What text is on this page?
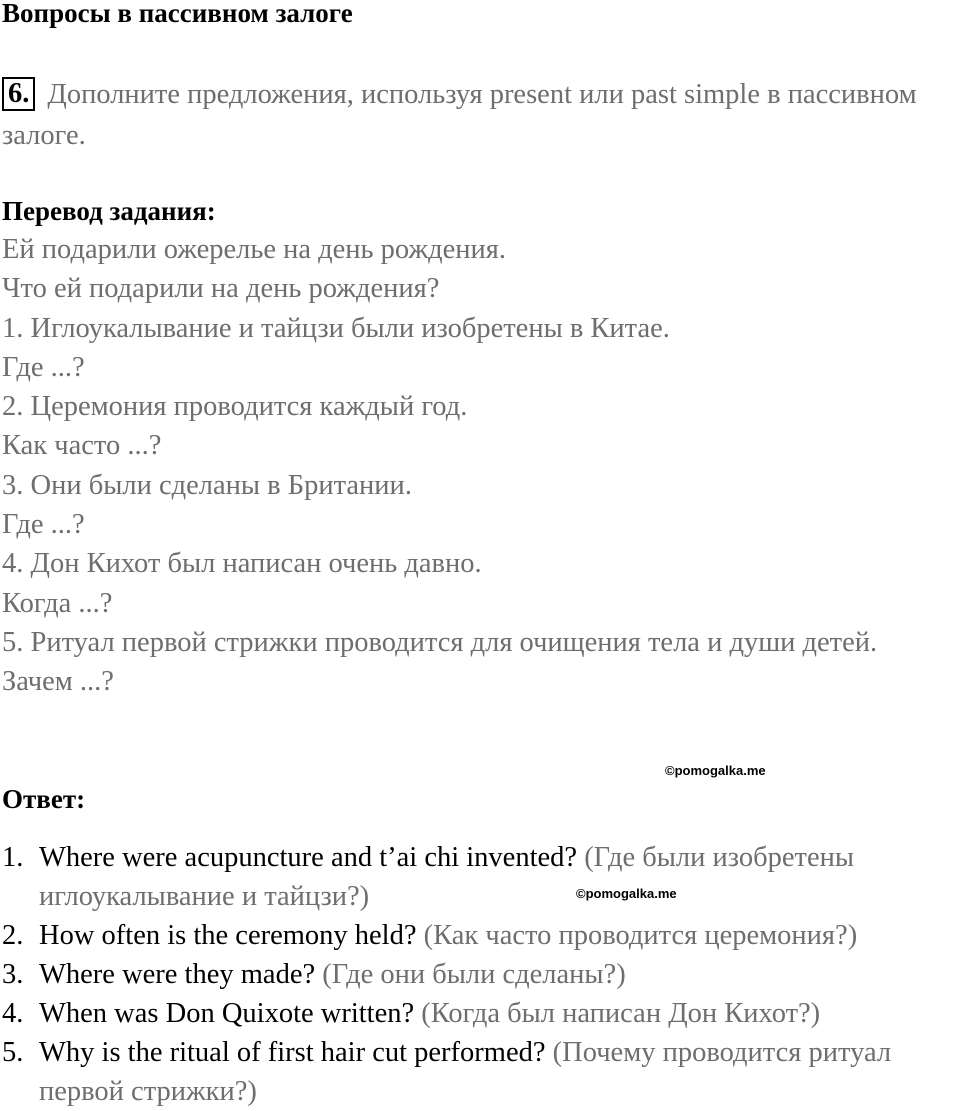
Вопросы в пассивном залоге
6. Дополните предложения, используя present или past simple в пассивном залоге.
Перевод задания:
Ей подарили ожерелье на день рождения.
Что ей подарили на день рождения?
1. Иглоукалывание и тайцзи были изобретены в Китае.
Где ...?
2. Церемония проводится каждый год.
Как часто ...?
3. Они были сделаны в Британии.
Где ...?
4. Дон Кихот был написан очень давно.
Когда ...?
5. Ритуал первой стрижки проводится для очищения тела и души детей.
Зачем ...?
©pomogalka.me
Ответ:
1. Where were acupuncture and t’ai chi invented? (Где были изобретены иглоукалывание и тайцзи?)
2. How often is the ceremony held? (Как часто проводится церемония?)
3. Where were they made? (Где они были сделаны?)
4. When was Don Quixote written? (Когда был написан Дон Кихот?)
5. Why is the ritual of first hair cut performed? (Почему проводится ритуал первой стрижки?)
©pomogalka.me
